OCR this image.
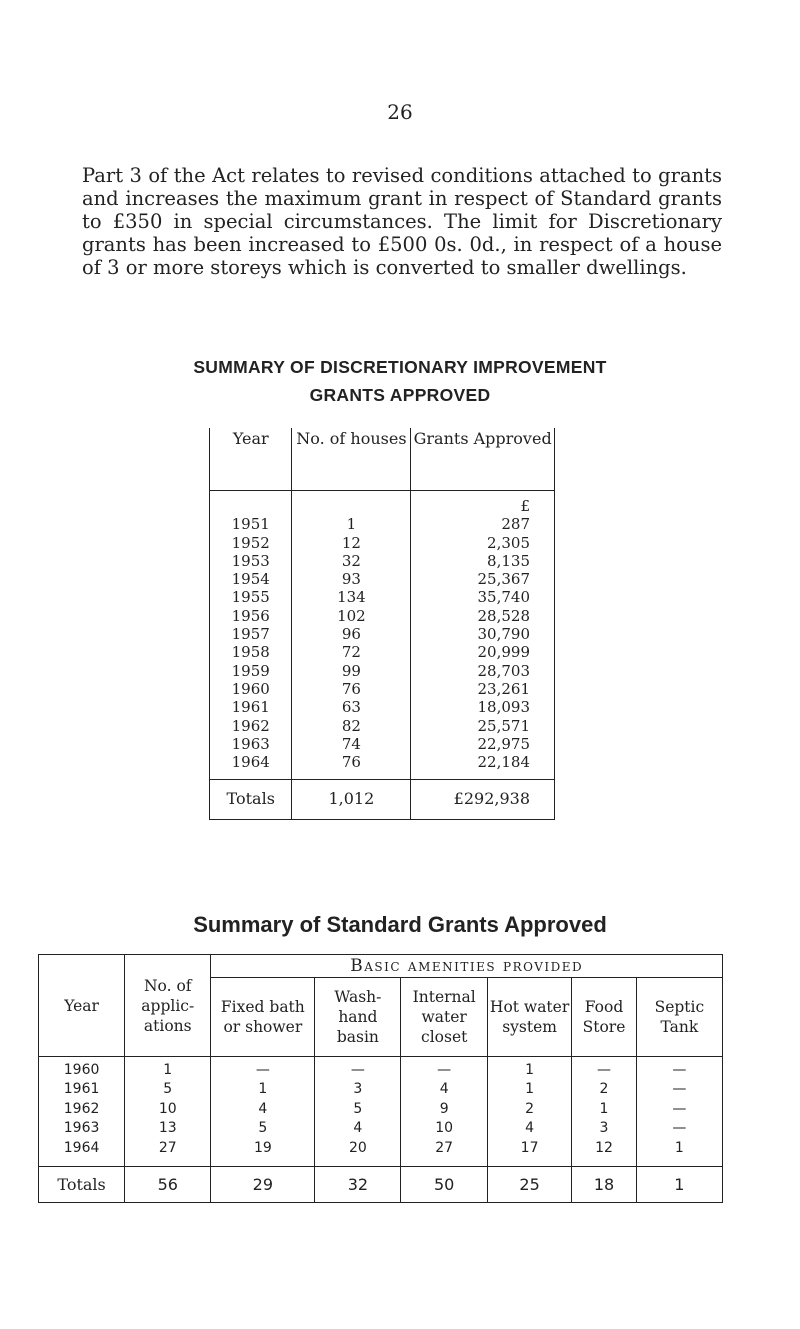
26

Part 3 of the Act relates to revised conditions attached to grants and increases the maximum grant in respect of Standard grants to £350 in special circumstances. The limit for Discretionary grants has been increased to £500 0s. 0d., in respect of a house of 3 or more storeys which is converted to smaller dwellings.

SUMMARY OF DISCRETIONARY IMPROVEMENT
GRANTS APPROVED
Year	No. of houses	Grants Approved

		£

1951	1	287
1952	12	2,305
1953	32	8,135
1954	93	25,367
1955	134	35,740
1956	102	28,528
1957	96	30,790
1958	72	20,999
1959	99	28,703
1960	76	23,261
1961	63	18,093
1962	82	25,571
1963	74	22,975
1964	76	22,184

Totals	1,012	£292,938
Summary of Standard Grants Approved
Year	No. of applic- ations	Basic amenities provided					
		Fixed bath or shower	Wash- hand basin	Internal water closet	Hot water system	Food Store	Septic Tank
1960	1	—	—	—	1	—	—
1961	5	1	3	4	1	2	—
1962	10	4	5	9	2	1	—
1963	13	5	4	10	4	3	—
1964	27	19	20	27	17	12	1

Totals	56	29	32	50	25	18	1
